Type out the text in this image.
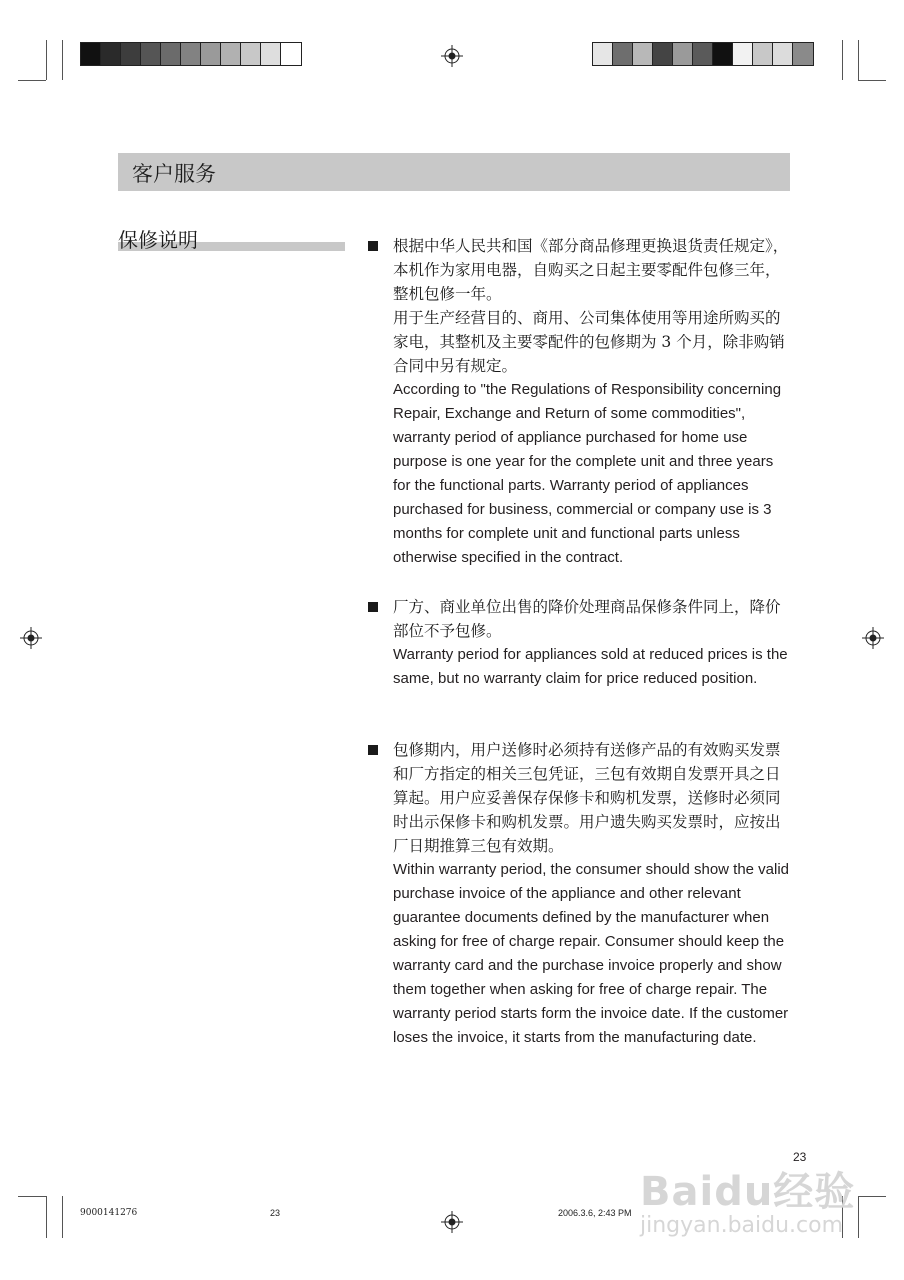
客户服务
保修说明	根据中华人民共和国《部分商品修理更换退货责任规定》，本机作为家用电器，自购买之日起主要零配件包修三年，整机包修一年。
用于生产经营目的、商用、公司集体使用等用途所购买的家电，其整机及主要零配件的包修期为 3 个月，除非购销合同中另有规定。
According to "the Regulations of Responsibility concerning Repair, Exchange and Return of some commodities", warranty period of appliance purchased for home use purpose is one year for the complete unit and three years for the functional parts. Warranty period of appliances purchased for business, commercial or company use is 3 months for complete unit and functional parts unless otherwise specified in the contract.
厂方、商业单位出售的降价处理商品保修条件同上，降价部位不予包修。
Warranty period for appliances sold at reduced prices is the same, but no warranty claim for price reduced position.
包修期内，用户送修时必须持有送修产品的有效购买发票和厂方指定的相关三包凭证，三包有效期自发票开具之日算起。用户应妥善保存保修卡和购机发票，送修时必须同时出示保修卡和购机发票。用户遗失购买发票时，应按出厂日期推算三包有效期。
Within warranty period, the consumer should show the valid purchase invoice of the appliance and other relevant guarantee documents defined by the manufacturer when asking for free of charge repair. Consumer should keep the warranty card and the purchase invoice properly and show them together when asking for free of charge repair. The warranty period starts form the invoice date. If the customer loses the invoice, it starts from the manufacturing date.
23
9000141276	23	2006.3.6, 2:43 PM Baidu经验
jingyan.baidu.com
